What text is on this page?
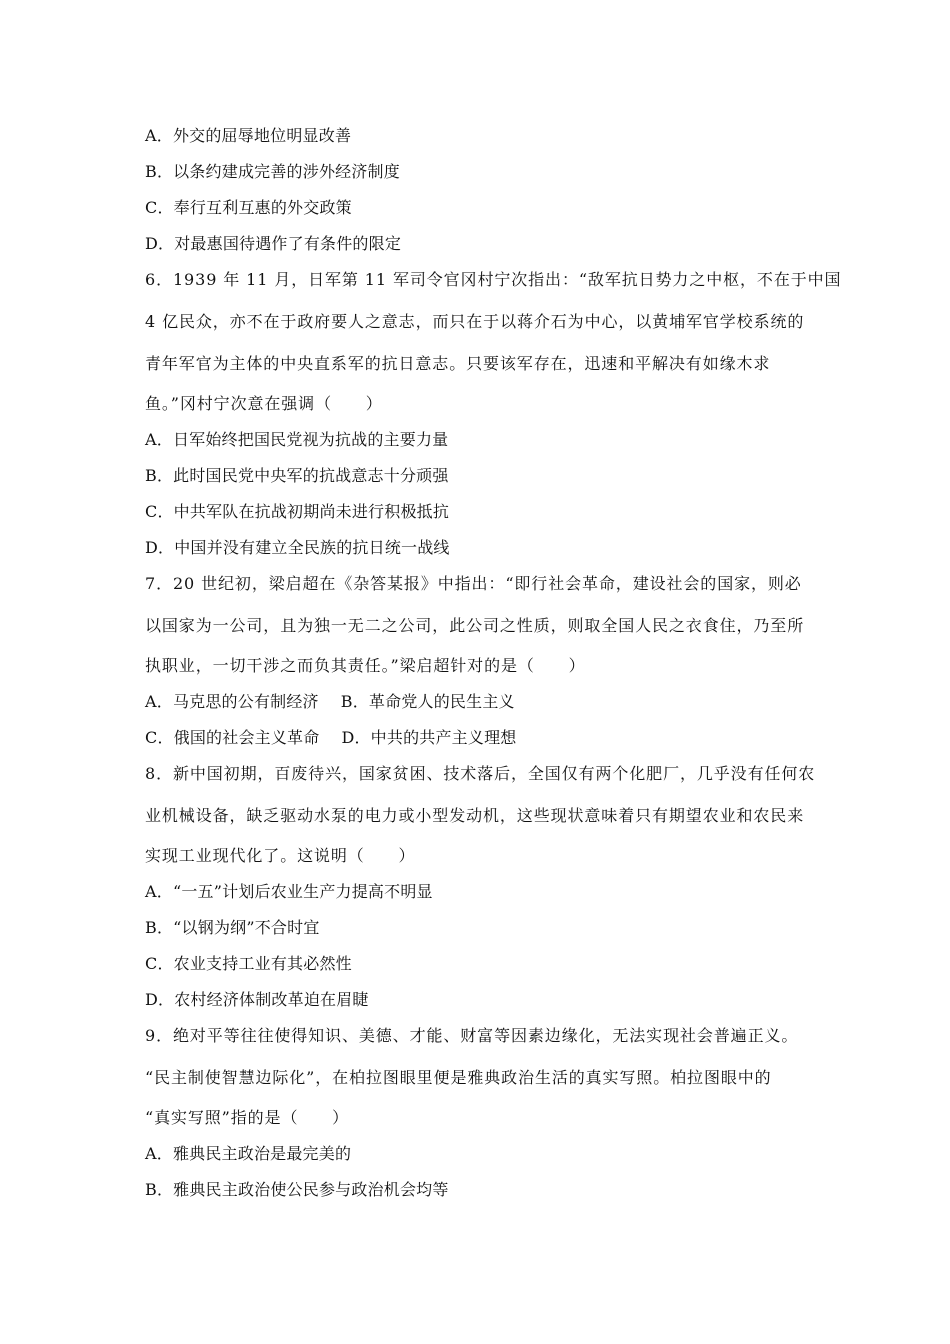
A．外交的屈辱地位明显改善
B．以条约建成完善的涉外经济制度
C．奉行互利互惠的外交政策
D．对最惠国待遇作了有条件的限定
6．1939 年 11 月，日军第 11 军司令官冈村宁次指出：“敌军抗日势力之中枢，不在于中国
4 亿民众，亦不在于政府要人之意志，而只在于以蒋介石为中心，以黄埔军官学校系统的
青年军官为主体的中央直系军的抗日意志。只要该军存在，迅速和平解决有如缘木求
鱼。”冈村宁次意在强调（　　）
A．日军始终把国民党视为抗战的主要力量
B．此时国民党中央军的抗战意志十分顽强
C．中共军队在抗战初期尚未进行积极抵抗
D．中国并没有建立全民族的抗日统一战线
7．20 世纪初，梁启超在《杂答某报》中指出：“即行社会革命，建设社会的国家，则必
以国家为一公司，且为独一无二之公司，此公司之性质，则取全国人民之衣食住，乃至所
执职业，一切干涉之而负其责任。”梁启超针对的是（　　）
A．马克思的公有制经济 B．革命党人的民生主义
C．俄国的社会主义革命 D．中共的共产主义理想
8．新中国初期，百废待兴，国家贫困、技术落后，全国仅有两个化肥厂，几乎没有任何农
业机械设备，缺乏驱动水泵的电力或小型发动机，这些现状意味着只有期望农业和农民来
实现工业现代化了。这说明（　　）
A．“一五”计划后农业生产力提高不明显
B．“以钢为纲”不合时宜
C．农业支持工业有其必然性
D．农村经济体制改革迫在眉睫
9．绝对平等往往使得知识、美德、才能、财富等因素边缘化，无法实现社会普遍正义。
“民主制使智慧边际化”，在柏拉图眼里便是雅典政治生活的真实写照。柏拉图眼中的
“真实写照”指的是（　　）
A．雅典民主政治是最完美的
B．雅典民主政治使公民参与政治机会均等
